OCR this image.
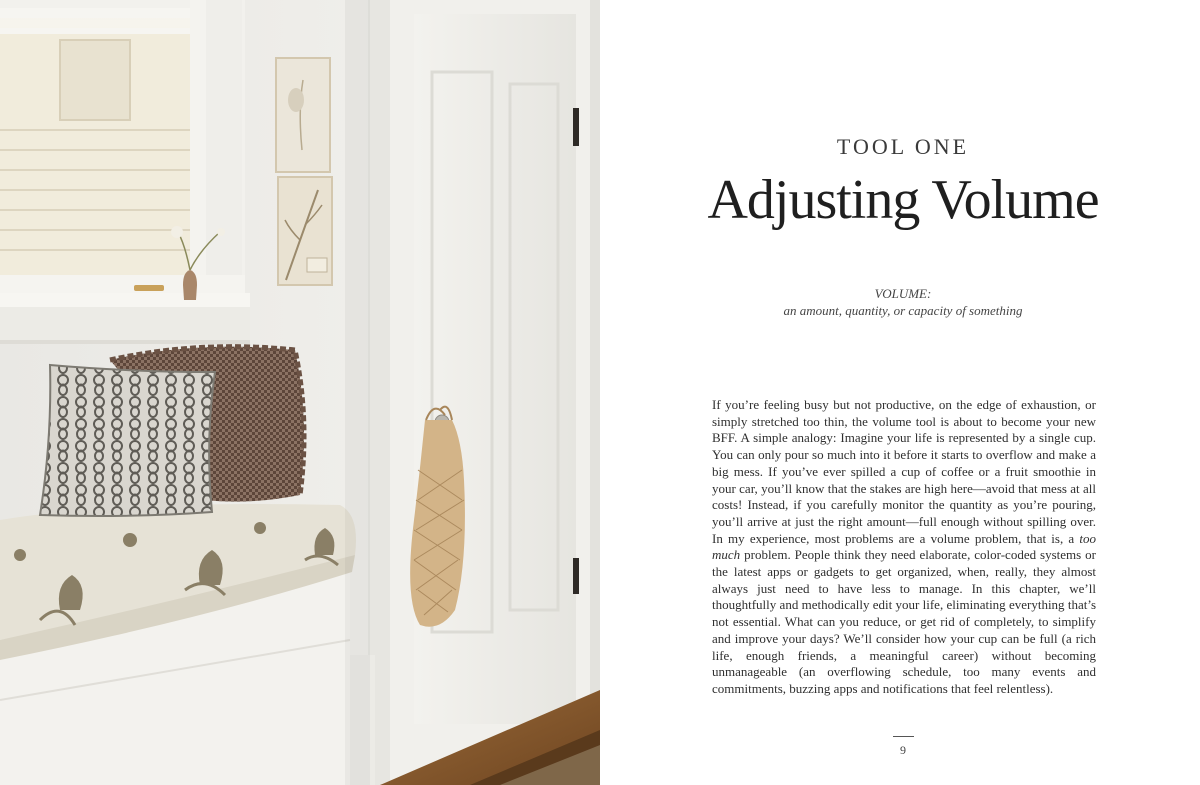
TOOL ONE
Adjusting Volume
VOLUME:
an amount, quantity, or capacity of something

If you’re feeling busy but not productive, on the edge of exhaustion, or simply stretched too thin, the volume tool is about to become your new BFF. A simple analogy: Imagine your life is represented by a single cup. You can only pour so much into it before it starts to overflow and make a big mess. If you’ve ever spilled a cup of coffee or a fruit smoothie in your car, you’ll know that the stakes are high here—avoid that mess at all costs! Instead, if you carefully monitor the quantity as you’re pouring, you’ll arrive at just the right amount—full enough without spilling over. In my experience, most problems are a volume problem, that is, a too much problem. People think they need elaborate, color-coded systems or the latest apps or gadgets to get organized, when, really, they almost always just need to have less to manage. In this chapter, we’ll thoughtfully and methodically edit your life, eliminating everything that’s not essential. What can you reduce, or get rid of completely, to simplify and improve your days? We’ll consider how your cup can be full (a rich life, enough friends, a meaningful career) without becoming unmanageable (an overflowing schedule, too many events and commitments, buzzing apps and notifications that feel relentless).

9
